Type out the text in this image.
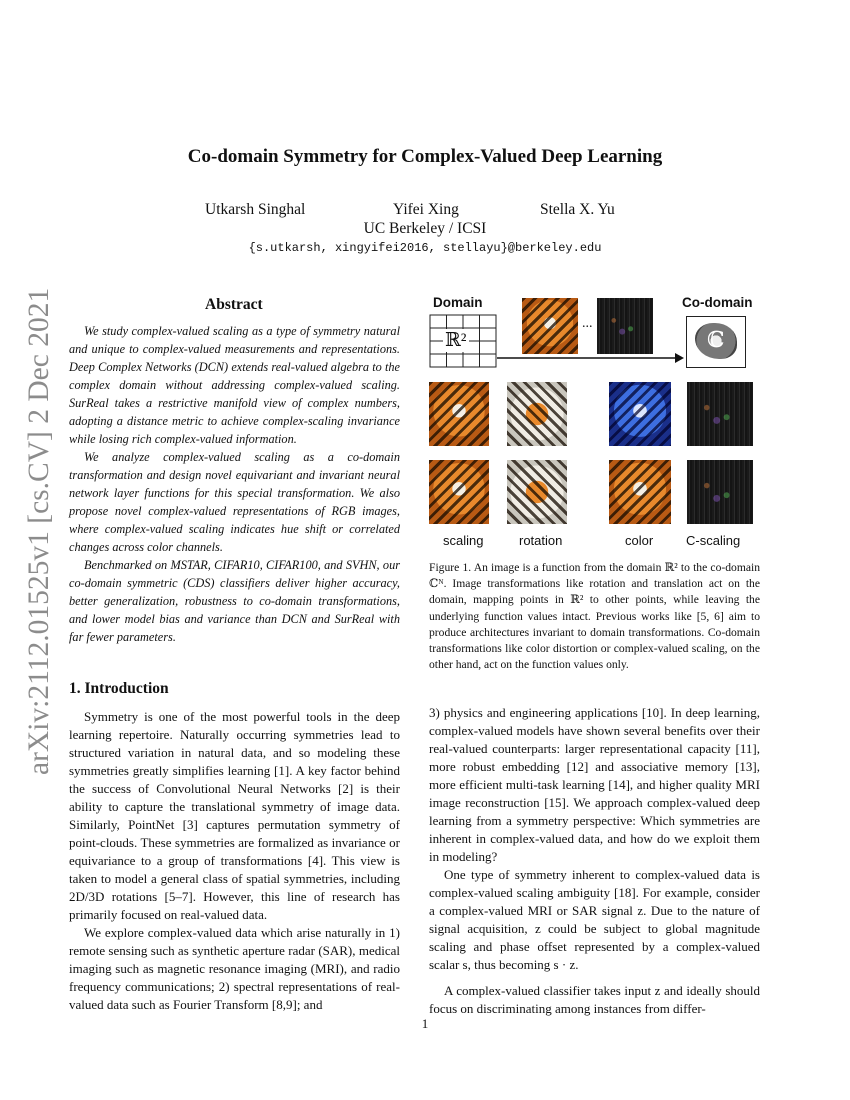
Co-domain Symmetry for Complex-Valued Deep Learning
Utkarsh Singhal	Yifei Xing	Stella X. Yu
UC Berkeley / ICSI
{s.utkarsh, xingyifei2016, stellayu}@berkeley.edu
arXiv:2112.01525v1 [cs.CV] 2 Dec 2021	Abstract

We study complex-valued scaling as a type of symmetry natural and unique to complex-valued measurements and representations. Deep Complex Networks (DCN) extends real-valued algebra to the complex domain without addressing complex-valued scaling. SurReal takes a restrictive manifold view of complex numbers, adopting a distance metric to achieve complex-scaling invariance while losing rich complex-valued information.

We analyze complex-valued scaling as a co-domain transformation and design novel equivariant and invariant neural network layer functions for this special transformation. We also propose novel complex-valued representations of RGB images, where complex-valued scaling indicates hue shift or correlated changes across color channels.

Benchmarked on MSTAR, CIFAR10, CIFAR100, and SVHN, our co-domain symmetric (CDS) classifiers deliver higher accuracy, better generalization, robustness to co-domain transformations, and lower model bias and variance than DCN and SurReal with far fewer parameters.

Domain	Co-domain
ℝ²
...
ℂ
scaling	rotation	color	C-scaling
Figure 1. An image is a function from the domain ℝ² to the co-domain ℂᴺ. Image transformations like rotation and translation act on the domain, mapping points in ℝ² to other points, while leaving the underlying function values intact. Previous works like [5, 6] aim to produce architectures invariant to domain transformations. Co-domain transformations like color distortion or complex-valued scaling, on the other hand, act on the function values only.
1. Introduction

Symmetry is one of the most powerful tools in the deep learning repertoire. Naturally occurring symmetries lead to structured variation in natural data, and so modeling these symmetries greatly simplifies learning [1]. A key factor behind the success of Convolutional Neural Networks [2] is their ability to capture the translational symmetry of image data. Similarly, PointNet [3] captures permutation symmetry of point-clouds. These symmetries are formalized as invariance or equivariance to a group of transformations [4]. This view is taken to model a general class of spatial symmetries, including 2D/3D rotations [5–7]. However, this line of research has primarily focused on real-valued data.

We explore complex-valued data which arise naturally in 1) remote sensing such as synthetic aperture radar (SAR), medical imaging such as magnetic resonance imaging (MRI), and radio frequency communications; 2) spectral representations of real-valued data such as Fourier Transform [8,9]; and

3) physics and engineering applications [10]. In deep learning, complex-valued models have shown several benefits over their real-valued counterparts: larger representational capacity [11], more robust embedding [12] and associative memory [13], more efficient multi-task learning [14], and higher quality MRI image reconstruction [15]. We approach complex-valued deep learning from a symmetry perspective: Which symmetries are inherent in complex-valued data, and how do we exploit them in modeling?

One type of symmetry inherent to complex-valued data is complex-valued scaling ambiguity [18]. For example, consider a complex-valued MRI or SAR signal z. Due to the nature of signal acquisition, z could be subject to global magnitude scaling and phase offset represented by a complex-valued scalar s, thus becoming s · z.

A complex-valued classifier takes input z and ideally should focus on discriminating among instances from differ-

1
